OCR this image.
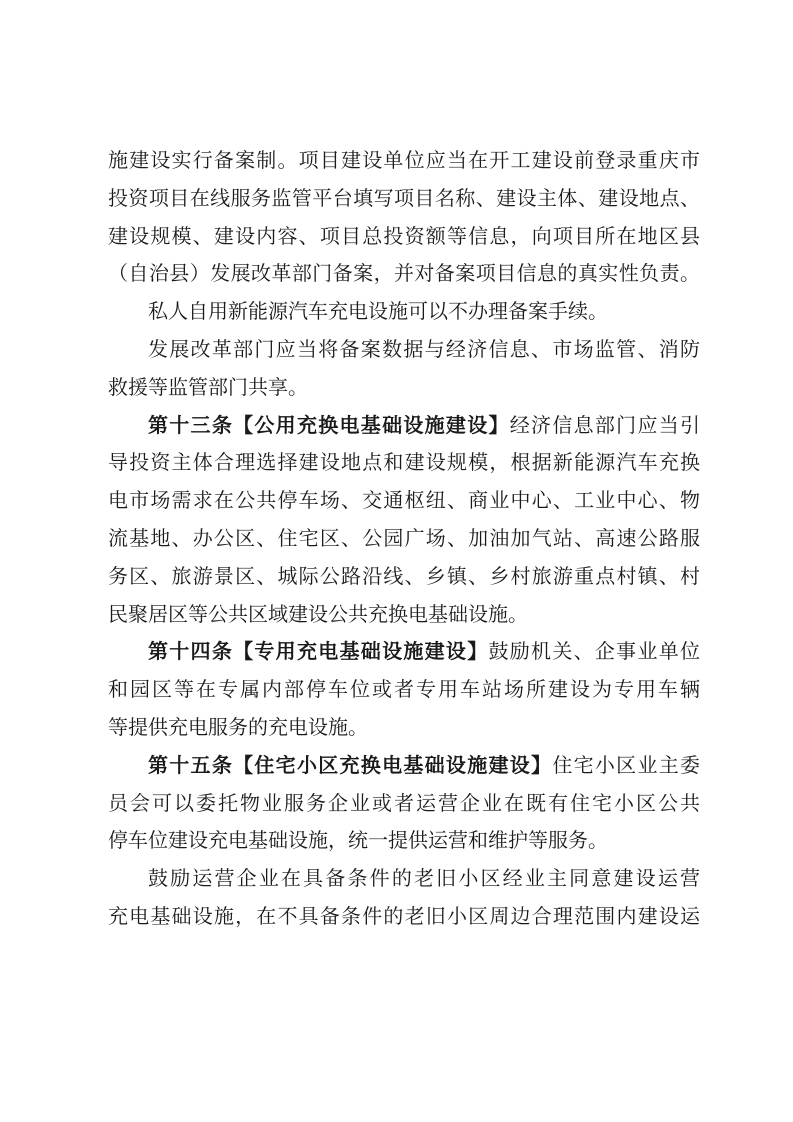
施建设实行备案制。项目建设单位应当在开工建设前登录重庆市
投资项目在线服务监管平台填写项目名称、建设主体、建设地点、
建设规模、建设内容、项目总投资额等信息，向项目所在地区县
（自治县）发展改革部门备案，并对备案项目信息的真实性负责。
私人自用新能源汽车充电设施可以不办理备案手续。
发展改革部门应当将备案数据与经济信息、市场监管、消防
救援等监管部门共享。
第十三条【公用充换电基础设施建设】经济信息部门应当引
导投资主体合理选择建设地点和建设规模，根据新能源汽车充换
电市场需求在公共停车场、交通枢纽、商业中心、工业中心、物
流基地、办公区、住宅区、公园广场、加油加气站、高速公路服
务区、旅游景区、城际公路沿线、乡镇、乡村旅游重点村镇、村
民聚居区等公共区域建设公共充换电基础设施。
第十四条【专用充电基础设施建设】鼓励机关、企事业单位
和园区等在专属内部停车位或者专用车站场所建设为专用车辆
等提供充电服务的充电设施。
第十五条【住宅小区充换电基础设施建设】住宅小区业主委
员会可以委托物业服务企业或者运营企业在既有住宅小区公共
停车位建设充电基础设施，统一提供运营和维护等服务。
鼓励运营企业在具备条件的老旧小区经业主同意建设运营
充电基础设施，在不具备条件的老旧小区周边合理范围内建设运
